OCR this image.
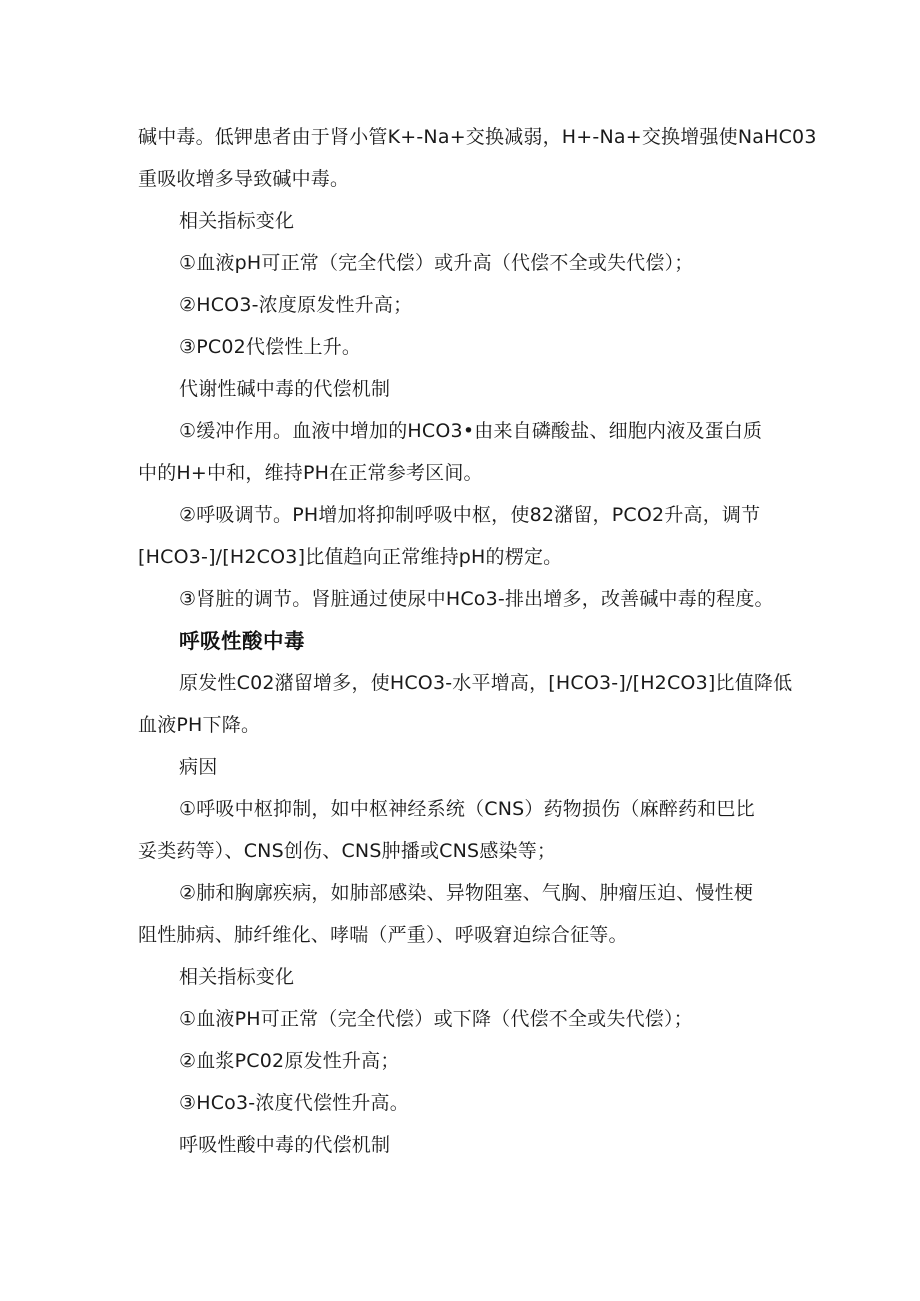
碱中毒。低钾患者由于肾小管K+-Na+交换减弱，H+-Na+交换增强使NaHC03
重吸收增多导致碱中毒。
相关指标变化
①血液pH可正常（完全代偿）或升高（代偿不全或失代偿）；
②HCO3-浓度原发性升高；
③PC02代偿性上升。
代谢性碱中毒的代偿机制
①缓冲作用。血液中增加的HCO3•由来自磷酸盐、细胞内液及蛋白质
中的H+中和，维持PH在正常参考区间。
②呼吸调节。PH增加将抑制呼吸中枢，使82潴留，PCO2升高，调节
[HCO3-]/[H2CO3]比值趋向正常维持pH的楞定。
③肾脏的调节。肾脏通过使尿中HCo3-排出增多，改善碱中毒的程度。
呼吸性酸中毒
原发性C02潴留增多，使HCO3-水平增高，[HCO3-]/[H2CO3]比值降低
血液PH下降。
病因
①呼吸中枢抑制，如中枢神经系统（CNS）药物损伤（麻醉药和巴比
妥类药等）、CNS创伤、CNS肿播或CNS感染等；
②肺和胸廓疾病，如肺部感染、异物阻塞、气胸、肿瘤压迫、慢性梗
阻性肺病、肺纤维化、哮喘（严重）、呼吸窘迫综合征等。
相关指标变化
①血液PH可正常（完全代偿）或下降（代偿不全或失代偿）；
②血浆PC02原发性升高；
③HCo3-浓度代偿性升高。
呼吸性酸中毒的代偿机制
